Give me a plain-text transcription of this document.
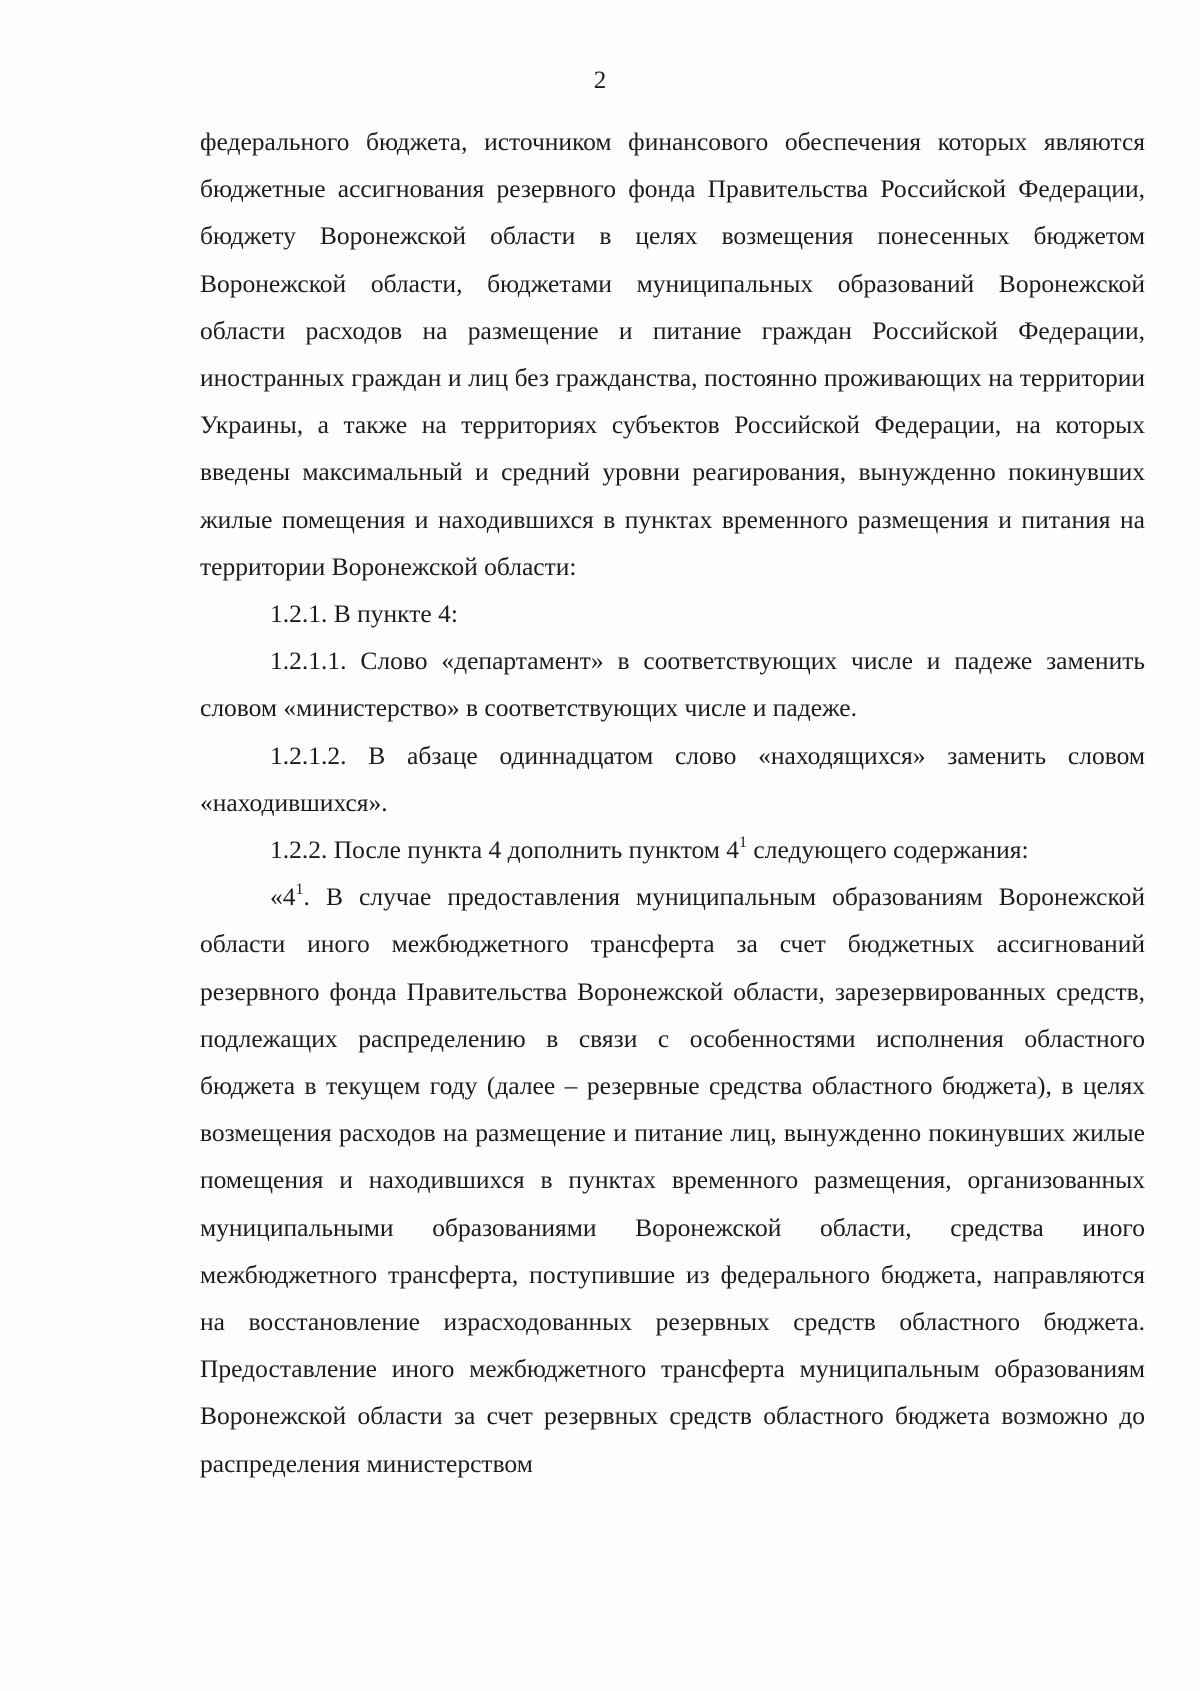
2

федерального бюджета, источником финансового обеспечения которых являются бюджетные ассигнования резервного фонда Правительства Российской Федерации, бюджету Воронежской области в целях возмещения понесенных бюджетом Воронежской области, бюджетами муниципальных образований Воронежской области расходов на размещение и питание граждан Российской Федерации, иностранных граждан и лиц без гражданства, постоянно проживающих на территории Украины, а также на территориях субъектов Российской Федерации, на которых введены максимальный и средний уровни реагирования, вынужденно покинувших жилые помещения и находившихся в пунктах временного размещения и питания на территории Воронежской области:

1.2.1. В пункте 4:

1.2.1.1. Слово «департамент» в соответствующих числе и падеже заменить словом «министерство» в соответствующих числе и падеже.

1.2.1.2. В абзаце одиннадцатом слово «находящихся» заменить словом «находившихся».

1.2.2. После пункта 4 дополнить пунктом $4^1$ следующего содержания:

«$4^1$. В случае предоставления муниципальным образованиям Воронежской области иного межбюджетного трансферта за счет бюджетных ассигнований резервного фонда Правительства Воронежской области, зарезервированных средств, подлежащих распределению в связи с особенностями исполнения областного бюджета в текущем году (далее – резервные средства областного бюджета), в целях возмещения расходов на размещение и питание лиц, вынужденно покинувших жилые помещения и находившихся в пунктах временного размещения, организованных муниципальными образованиями Воронежской области, средства иного межбюджетного трансферта, поступившие из федерального бюджета, направляются на восстановление израсходованных резервных средств областного бюджета. Предоставление иного межбюджетного трансферта муниципальным образованиям Воронежской области за счет резервных средств областного бюджета возможно до распределения министерством
